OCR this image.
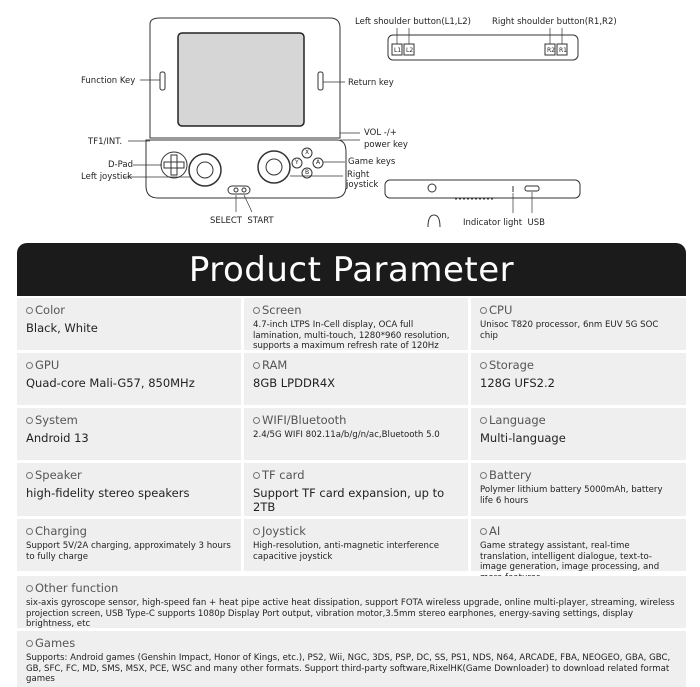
Function Key	Return key
TF1/INT.
VOL -/+
power key
D-Pad	Game keys
Left joystick	Right
joystick
SELECT  START
Left shoulder button(L1,L2) Right shoulder button(R1,R2)
Indicator light  USB
L1 L2	R2 R1
X
Y	A
B
Product Parameter
Color
Black, White
Screen
4.7-inch LTPS In-Cell display, OCA full lamination, multi-touch, 1280*960 resolution, supports a maximum refresh rate of 120Hz
CPU
Unisoc T820 processor, 6nm EUV 5G SOC chip
GPU
Quad-core Mali-G57, 850MHz
RAM
8GB LPDDR4X
Storage
128G UFS2.2
System
Android 13
WIFI/Bluetooth
2.4/5G WIFI 802.11a/b/g/n/ac,Bluetooth 5.0
Language
Multi-language
Speaker
high-fidelity stereo speakers
TF card
Support TF card expansion, up to 2TB
Battery
Polymer lithium battery 5000mAh, battery life 6 hours
Charging
Support 5V/2A charging, approximately 3 hours to fully charge
Joystick
High-resolution, anti-magnetic interference capacitive joystick
AI
Game strategy assistant, real-time translation, intelligent dialogue, text-to-image generation, image processing, and
Other function
six-axis gyroscope sensor, high-speed fan + heat pipe active heat dissipation, support FOTA wireless upgrade, online multi-player, streaming, wireless projection screen, USB Type-C supports 1080p Display Port output, vibration motor,3.5mm stereo earphones, energy-saving settings, display brightness, etc
Games
Supports: Android games (Genshin Impact, Honor of Kings, etc.), PS2, Wii, NGC, 3DS, PSP, DC, SS, PS1, NDS, N64, ARCADE, FBA, NEOGEO, GBA, GBC, GB, SFC, FC, MD, SMS, MSX, PCE, WSC and many other formats. Support third-party software,RixelHK(Game Downloader) to download related format games
